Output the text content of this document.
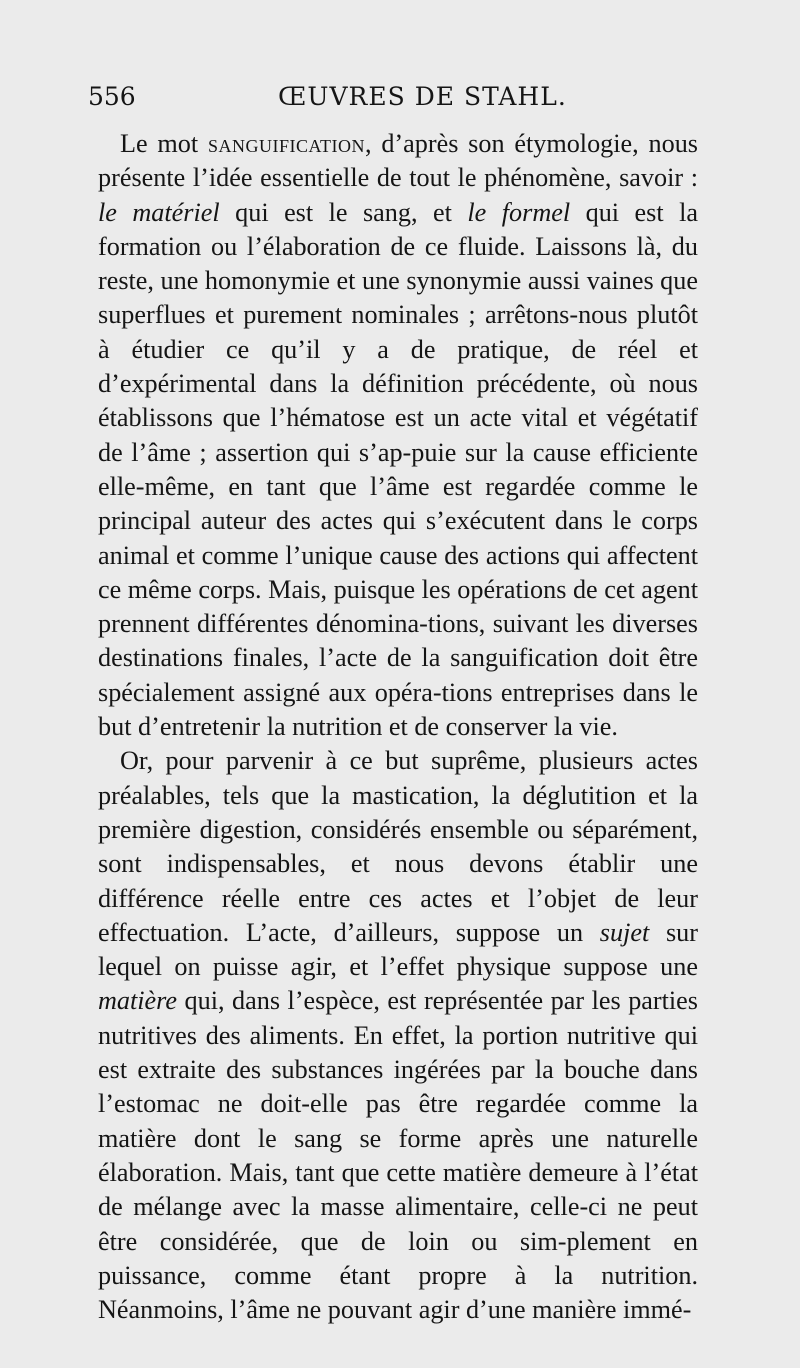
556	ŒUVRES DE STAHL.

Le mot sanguification, d’après son étymologie, nous présente l’idée essentielle de tout le phénomène, savoir : le matériel qui est le sang, et le formel qui est la formation ou l’élaboration de ce fluide. Laissons là, du reste, une homonymie et une synonymie aussi vaines que superflues et purement nominales ; arrêtons-nous plutôt à étudier ce qu’il y a de pratique, de réel et d’expérimental dans la définition précédente, où nous établissons que l’hématose est un acte vital et végétatif de l’âme ; assertion qui s’ap-puie sur la cause efficiente elle-même, en tant que l’âme est regardée comme le principal auteur des actes qui s’exécutent dans le corps animal et comme l’unique cause des actions qui affectent ce même corps. Mais, puisque les opérations de cet agent prennent différentes dénomina-tions, suivant les diverses destinations finales, l’acte de la sanguification doit être spécialement assigné aux opéra-tions entreprises dans le but d’entretenir la nutrition et de conserver la vie.

Or, pour parvenir à ce but suprême, plusieurs actes préalables, tels que la mastication, la déglutition et la première digestion, considérés ensemble ou séparément, sont indispensables, et nous devons établir une différence réelle entre ces actes et l’objet de leur effectuation. L’acte, d’ailleurs, suppose un sujet sur lequel on puisse agir, et l’effet physique suppose une matière qui, dans l’espèce, est représentée par les parties nutritives des aliments. En effet, la portion nutritive qui est extraite des substances ingérées par la bouche dans l’estomac ne doit-elle pas être regardée comme la matière dont le sang se forme après une naturelle élaboration. Mais, tant que cette matière demeure à l’état de mélange avec la masse alimentaire, celle-ci ne peut être considérée, que de loin ou sim-plement en puissance, comme étant propre à la nutrition. Néanmoins, l’âme ne pouvant agir d’une manière immé-
